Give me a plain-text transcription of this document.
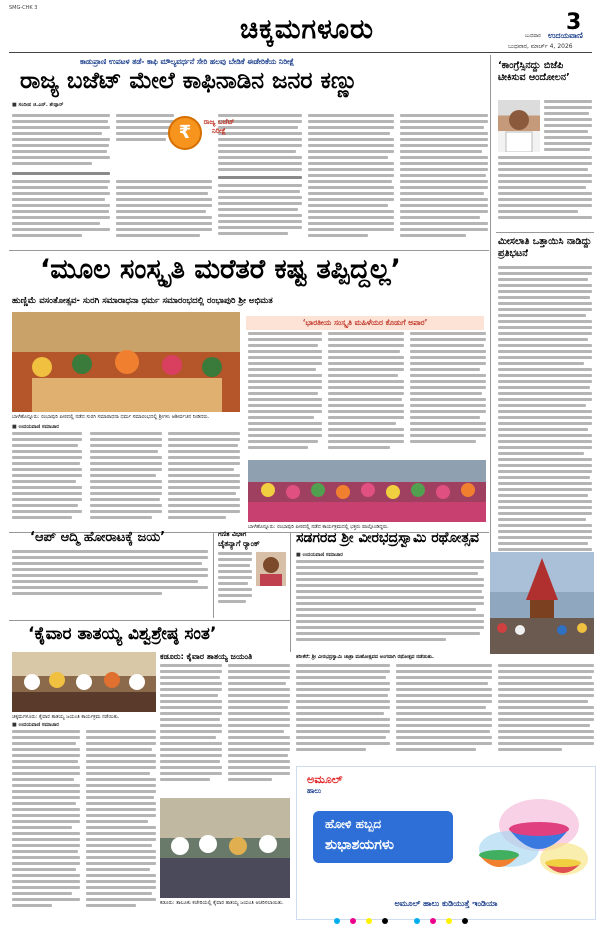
SMG-CHK 3
ಚಿಕ್ಕಮಗಳೂರು	3
ಬುಧವಾರ ಉದಯವಾಣಿ
ಬುಧವಾರ, ಮಾರ್ಚ್ 4, 2026
ಕಾಡುಪ್ರಾಣಿ ಉಪಟಳ ತಡೆ- ಕಾಫಿ ಮೌಲ್ಯವರ್ಧನೆ ಸೇರಿ ಹಲವು ಬೇಡಿಕೆ ಈಡೇರಿಕೆಯ ನಿರೀಕ್ಷೆ
ರಾಜ್ಯ ಬಜೆಟ್ ಮೇಲೆ ಕಾಫಿನಾಡಿನ ಜನರ ಕಣ್ಣು
■ ಸಂದೀಪ ಜಿ.ಎನ್. ಶೇಡ್ಗಾರ್
₹	ರಾಜ್ಯ ಬಜೆಟ್ ನಿರೀಕ್ಷೆ
‘ಕಾಂಗ್ರೆಸ್ಸಿನದ್ದು ಬಿಜೆಪಿ ಟೀಕಿಸುವ ಆಂದೋಲನ’
ಮೀಸಲಾತಿ ಒತ್ತಾಯಿಸಿ ನಾಡಿದ್ದು ಪ್ರತಿಭಟನೆ
‘ಮೂಲ ಸಂಸ್ಕೃತಿ ಮರೆತರೆ ಕಷ್ಟ ತಪ್ಪಿದ್ದಲ್ಲ’
ಹುಣ್ಣಿಮೆ ವಸಂತೋತ್ಸವ- ಸುರಗಿ ಸಮಾರಾಧನಾ ಧರ್ಮ ಸಮಾರಂಭದಲ್ಲಿ ರಂಭಾಪುರಿ ಶ್ರೀ ಅಭಿಮತ
ಬಾಳೆಹೊನ್ನೂರು: ರಂಭಾಪುರಿ ಪೀಠದಲ್ಲಿ ನಡೆದ ಸುರಗಿ ಸಮಾರಾಧನಾ ಧರ್ಮ ಸಮಾರಂಭದಲ್ಲಿ ಶ್ರೀಗಳು ಆಶೀರ್ವಚನ ನೀಡಿದರು.
‘ಭಾರತೀಯ ಸಂಸ್ಕೃತಿ ಮಹಿಳೆಯರ ಕೊಡುಗೆ ಅಪಾರ’
■ ಉದಯವಾಣಿ ಸಮಾಚಾರ
ಬಾಳೆಹೊನ್ನೂರು: ರಂಭಾಪುರಿ ಪೀಠದಲ್ಲಿ ನಡೆದ ಕಾರ್ಯಕ್ರಮದಲ್ಲಿ ಭಕ್ತರು ಪಾಲ್ಗೊಂಡಿದ್ದರು.
‘ಆಪ್ ಆದ್ಮಿ ಹೋರಾಟಕ್ಕೆ ಜಯ’	ಗಣಿತ ವಿಭಾಗ
ಚೈತನ್ಯಾಗೆ ರ‍್ಯಾಂಕ್	ಸಡಗರದ ಶ್ರೀ ವೀರಭದ್ರಸ್ವಾಮಿ ರಥೋತ್ಸವ
■ ಉದಯವಾಣಿ ಸಮಾಚಾರ
ತರೀಕೆರೆ: ಶ್ರೀ ವೀರಭದ್ರಸ್ವಾಮಿ ಜಾತ್ರಾ ಮಹೋತ್ಸವದ ಅಂಗವಾಗಿ ರಥೋತ್ಸವ ನಡೆಯಿತು.
‘ಕೈವಾರ ತಾತಯ್ಯ ವಿಶ್ವಶ್ರೇಷ್ಠ ಸಂತ’
ಕಡೂರು: ಕೈವಾರ ತಾತಯ್ಯ ಜಯಂತಿ
ಚಿಕ್ಕಮಗಳೂರು: ಕೈವಾರ ತಾತಯ್ಯ ಜಯಂತಿ ಕಾರ್ಯಕ್ರಮ ನಡೆಯಿತು.
■ ಉದಯವಾಣಿ ಸಮಾಚಾರ
ಕಡೂರು: ತಾಲೂಕು ಕಚೇರಿಯಲ್ಲಿ ಕೈವಾರ ತಾತಯ್ಯ ಜಯಂತಿ ಆಚರಿಸಲಾಯಿತು.
ಅಮೂಲ್
ಹಾಲು
ಹೋಳಿ ಹಬ್ಬದ
ಶುಭಾಶಯಗಳು
ಅಮೂಲ್ ಹಾಲು ಕುಡಿಯುತ್ತೆ ಇಂಡಿಯಾ
